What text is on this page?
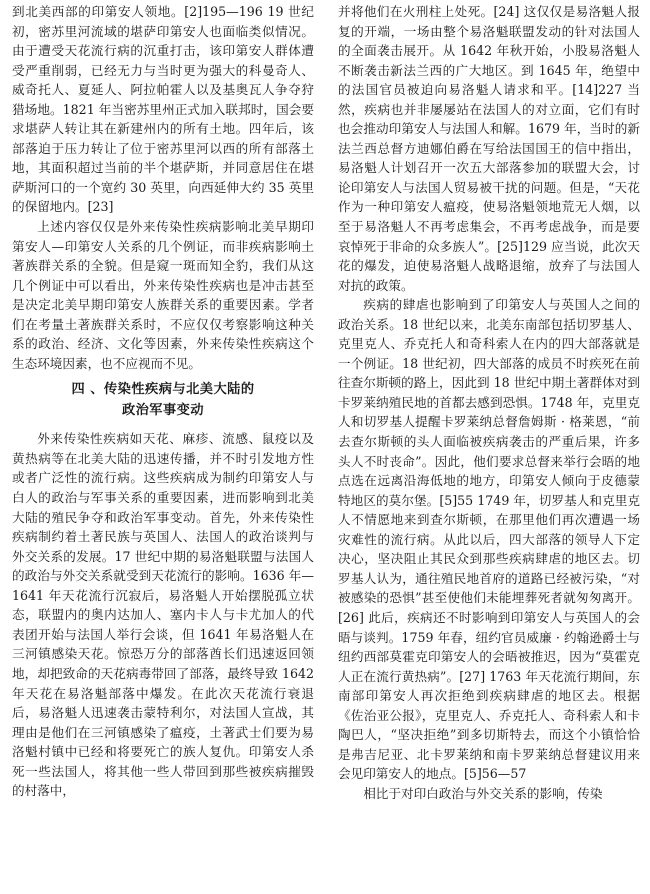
到北美西部的印第安人领地。[2]195—196 19 世纪初，密苏里河流域的堪萨印第安人也面临类似情况。由于遭受天花流行病的沉重打击，该印第安人群体遭受严重削弱，已经无力与当时更为强大的科曼奇人、威奇托人、夏延人、阿拉帕霍人以及基奥瓦人争夺狩猎场地。1821 年当密苏里州正式加入联邦时，国会要求堪萨人转让其在新建州内的所有土地。四年后，该部落迫于压力转让了位于密苏里河以西的所有部落土地，其面积超过当前的半个堪萨斯，并同意居住在堪萨斯河口的一个宽约 30 英里，向西延伸大约 35 英里的保留地内。[23]

上述内容仅仅是外来传染性疾病影响北美早期印第安人—印第安人关系的几个例证，而非疾病影响土著族群关系的全貌。但是窥一斑而知全豹，我们从这几个例证中可以看出，外来传染性疾病也是冲击甚至是决定北美早期印第安人族群关系的重要因素。学者们在考量土著族群关系时，不应仅仅考察影响这种关系的政治、经济、文化等因素，外来传染性疾病这个生态环境因素，也不应视而不见。

四 、传染性疾病与北美大陆的
政治军事变动

外来传染性疾病如天花、麻疹、流感、鼠疫以及黄热病等在北美大陆的迅速传播，并不时引发地方性或者广泛性的流行病。这些疾病成为制约印第安人与白人的政治与军事关系的重要因素，进而影响到北美大陆的殖民争夺和政治军事变动。首先，外来传染性疾病制约着土著民族与英国人、法国人的政治谈判与外交关系的发展。17 世纪中期的易洛魁联盟与法国人的政治与外交关系就受到天花流行的影响。1636 年—1641 年天花流行沉寂后，易洛魁人开始摆脱孤立状态，联盟内的奥内达加人、塞内卡人与卡尤加人的代表团开始与法国人举行会谈，但 1641 年易洛魁人在三河镇感染天花。惊恐万分的部落酋长们迅速返回领地，却把致命的天花病毒带回了部落，最终导致 1642 年天花在易洛魁部落中爆发。在此次天花流行衰退后，易洛魁人迅速袭击蒙特利尔，对法国人宣战，其理由是他们在三河镇感染了瘟疫，土著武士们要为易洛魁村镇中已经和将要死亡的族人复仇。印第安人杀死一些法国人，将其他一些人带回到那些被疾病摧毁的村落中，

并将他们在火刑柱上处死。[24] 这仅仅是易洛魁人报复的开端，一场由整个易洛魁联盟发动的针对法国人的全面袭击展开。从 1642 年秋开始，小股易洛魁人不断袭击新法兰西的广大地区。到 1645 年，绝望中的法国官员被迫向易洛魁人请求和平。[14]227 当然，疾病也并非屡屡站在法国人的对立面，它们有时也会推动印第安人与法国人和解。1679 年，当时的新法兰西总督方迪娜伯爵在写给法国国王的信中指出，易洛魁人计划召开一次五大部落参加的联盟大会，讨论印第安人与法国人贸易被干扰的问题。但是，“天花作为一种印第安人瘟疫，使易洛魁领地荒无人烟，以至于易洛魁人不再考虑集会，不再考虑战争，而是要哀悼死于非命的众多族人”。[25]129 应当说，此次天花的爆发，迫使易洛魁人战略退缩，放弃了与法国人对抗的政策。

疾病的肆虐也影响到了印第安人与英国人之间的政治关系。18 世纪以来，北美东南部包括切罗基人、克里克人、乔克托人和奇科索人在内的四大部落就是一个例证。18 世纪初，四大部落的成员不时疾死在前往查尔斯顿的路上，因此到 18 世纪中期土著群体对到卡罗莱纳殖民地的首都去感到恐惧。1748 年，克里克人和切罗基人提醒卡罗莱纳总督詹姆斯 · 格莱恩，“前去查尔斯顿的头人面临被疾病袭击的严重后果，许多头人不时丧命”。因此，他们要求总督来举行会晤的地点选在远离沿海低地的地方，印第安人倾向于皮德蒙特地区的莫尔堡。[5]55 1749 年，切罗基人和克里克人不情愿地来到查尔斯顿，在那里他们再次遭遇一场灾难性的流行病。从此以后，四大部落的领导人下定决心，坚决阻止其民众到那些疾病肆虐的地区去。切罗基人认为，通往殖民地首府的道路已经被污染，“对被感染的恐惧”甚至使他们未能埋葬死者就匆匆离开。[26] 此后，疾病还不时影响到印第安人与英国人的会晤与谈判。1759 年春，纽约官员威廉 · 约翰逊爵士与纽约西部莫霍克印第安人的会晤被推迟，因为“莫霍克人正在流行黄热病”。[27] 1763 年天花流行期间，东南部印第安人再次拒绝到疾病肆虐的地区去。根据《佐治亚公报》，克里克人、乔克托人、奇科索人和卡陶巴人，“坚决拒绝”到多切斯特去，而这个小镇恰恰是弗吉尼亚、北卡罗莱纳和南卡罗莱纳总督建议用来会见印第安人的地点。[5]56—57

相比于对印白政治与外交关系的影响，传染
